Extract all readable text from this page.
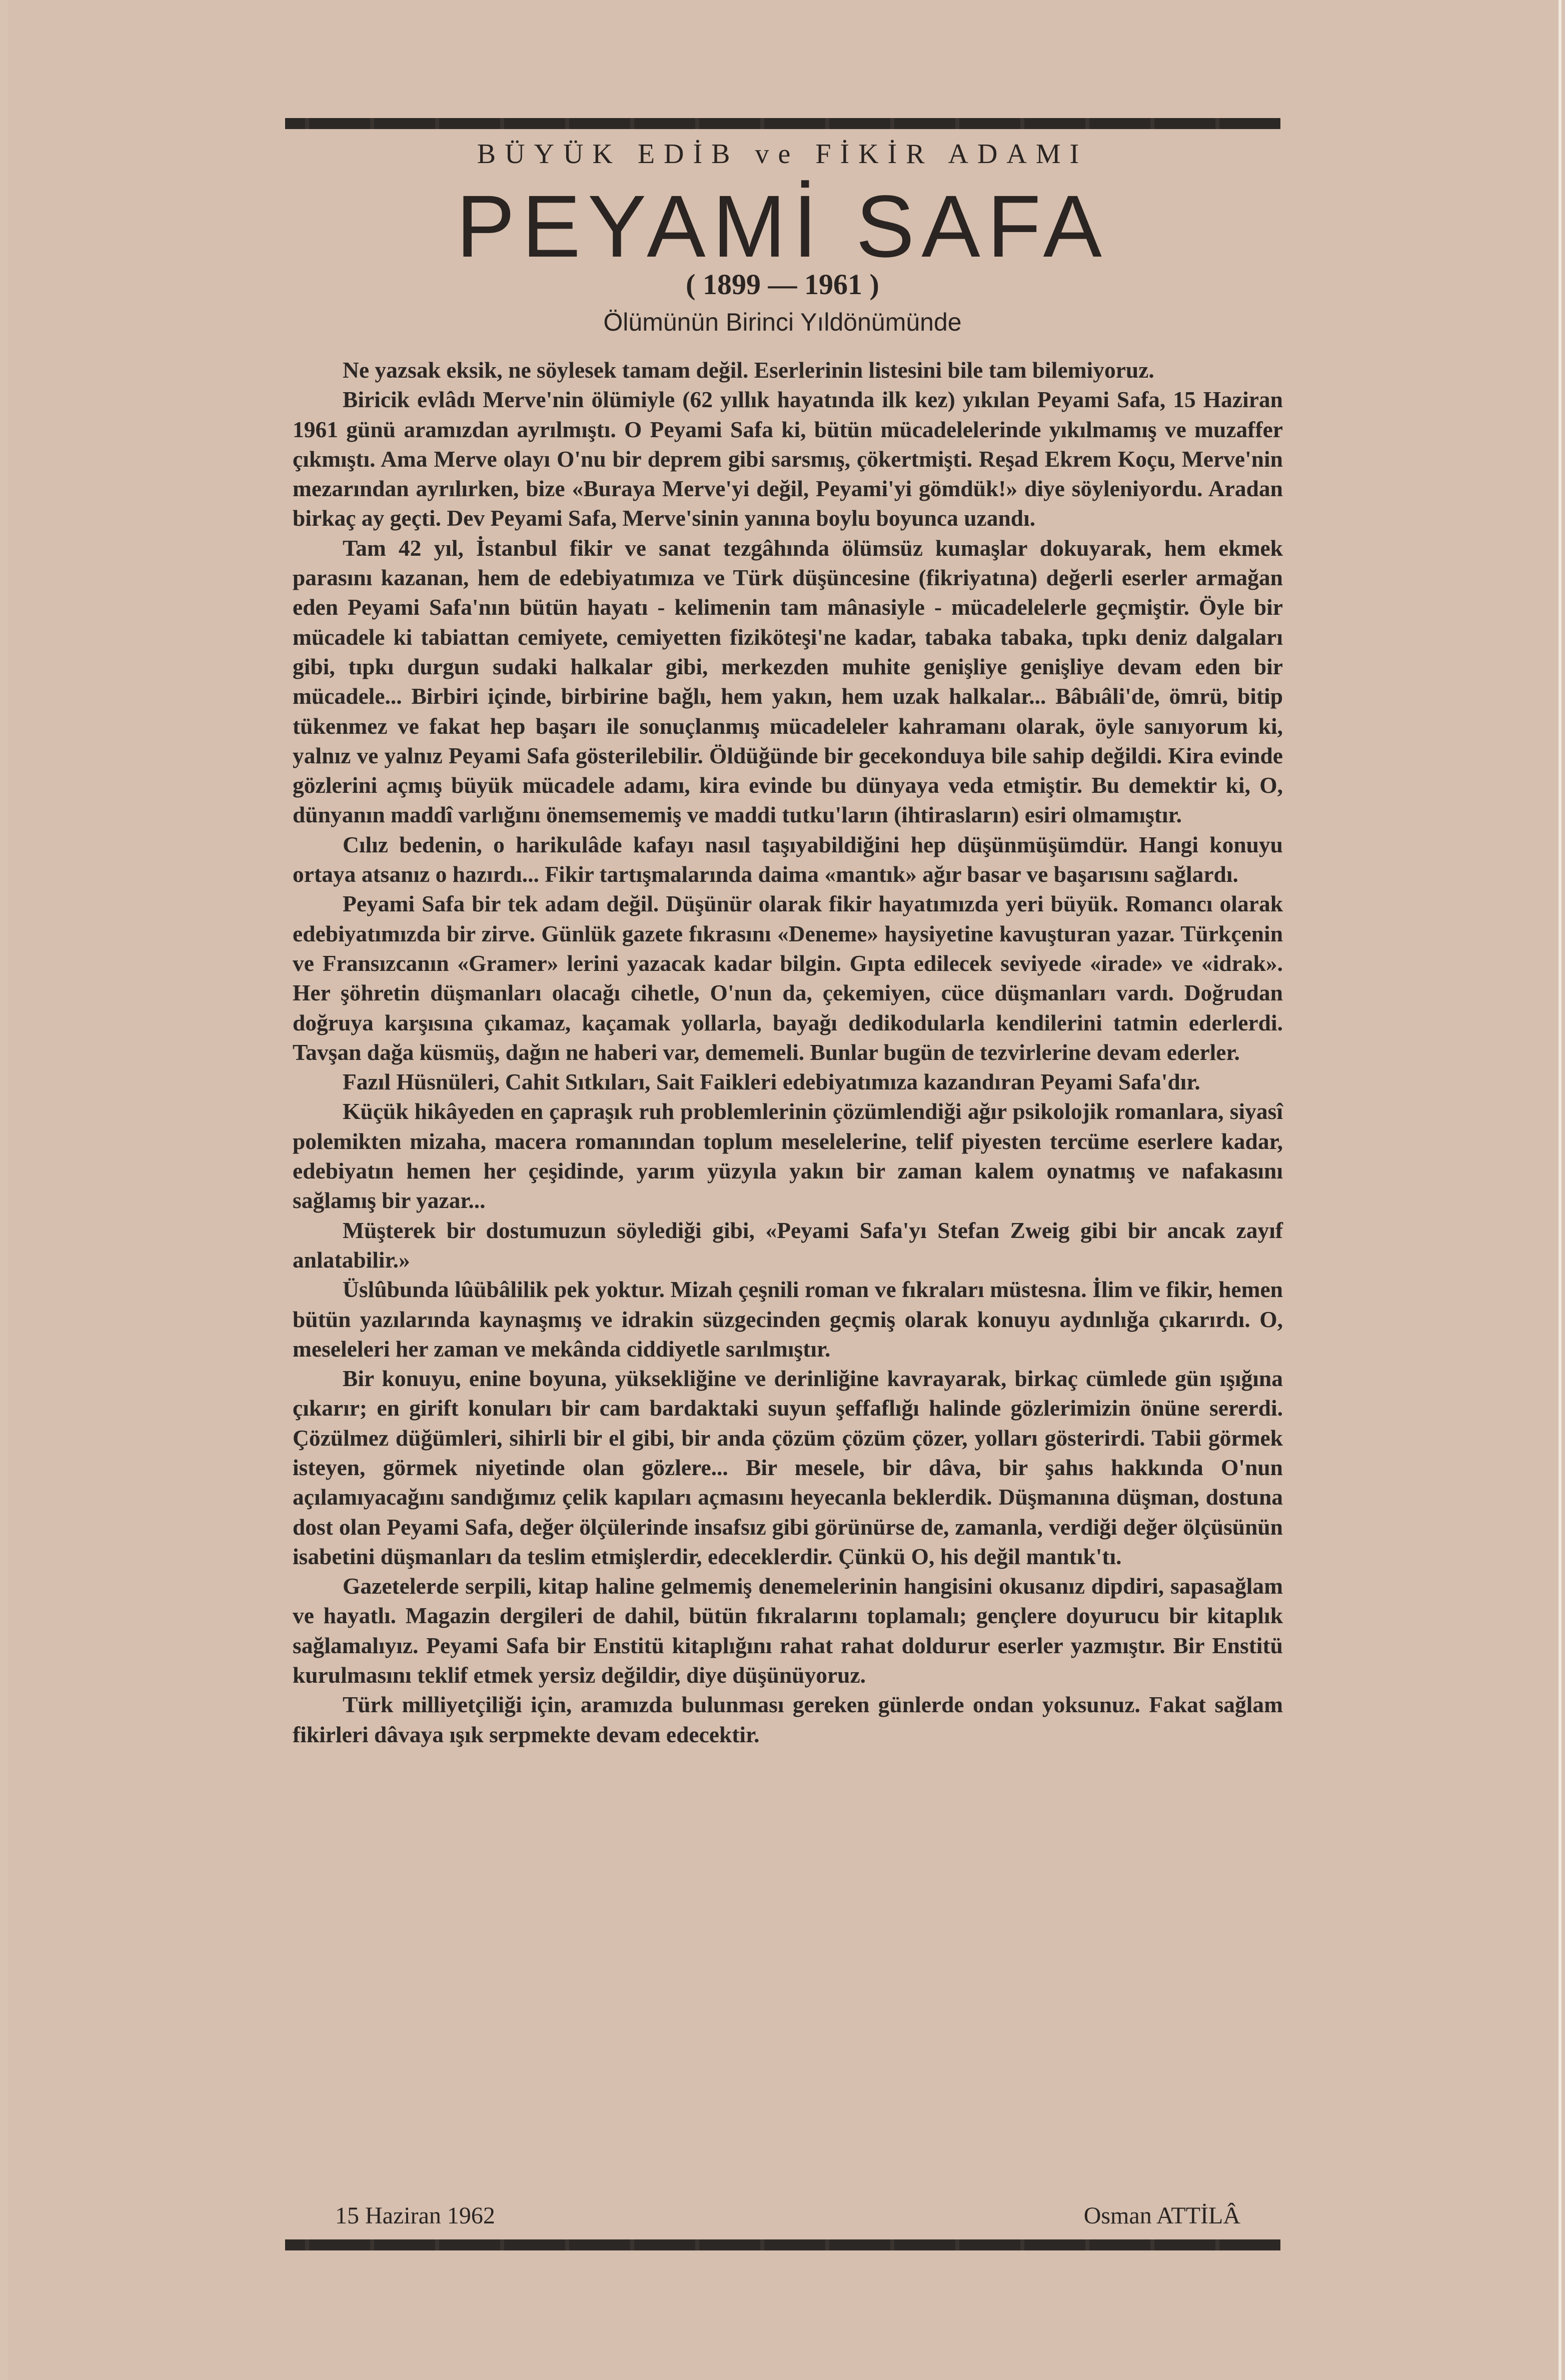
BÜYÜK EDİB ve FİKİR ADAMI
PEYAMİ SAFA
( 1899 — 1961 )
Ölümünün Birinci Yıldönümünde

Ne yazsak eksik, ne söylesek tamam değil. Eserlerinin listesini bile tam bilemiyoruz.

Biricik evlâdı Merve'nin ölümiyle (62 yıllık hayatında ilk kez) yıkılan Peyami Safa, 15 Haziran 1961 günü aramızdan ayrılmıştı. O Peyami Safa ki, bütün mücadelelerinde yıkılmamış ve muzaffer çıkmıştı. Ama Merve olayı O'nu bir deprem gibi sarsmış, çökertmişti. Reşad Ekrem Koçu, Merve'nin mezarından ayrılırken, bize «Buraya Merve'yi değil, Peyami'yi gömdük!» diye söyleniyordu. Aradan birkaç ay geçti. Dev Peyami Safa, Merve'sinin yanına boylu boyunca uzandı.

Tam 42 yıl, İstanbul fikir ve sanat tezgâhında ölümsüz kumaşlar dokuyarak, hem ekmek parasını kazanan, hem de edebiyatımıza ve Türk düşüncesine (fikriyatına) değerli eserler armağan eden Peyami Safa'nın bütün hayatı - kelimenin tam mânasiyle - mücadelelerle geçmiştir. Öyle bir mücadele ki tabiattan cemiyete, cemiyetten fiziköteşi'ne kadar, tabaka tabaka, tıpkı deniz dalgaları gibi, tıpkı durgun sudaki halkalar gibi, merkezden muhite genişliye genişliye devam eden bir mücadele... Birbiri içinde, birbirine bağlı, hem yakın, hem uzak halkalar... Bâbıâli'de, ömrü, bitip tükenmez ve fakat hep başarı ile sonuçlanmış mücadeleler kahramanı olarak, öyle sanıyorum ki, yalnız ve yalnız Peyami Safa gösterilebilir. Öldüğünde bir gecekonduya bile sahip değildi. Kira evinde gözlerini açmış büyük mücadele adamı, kira evinde bu dünyaya veda etmiştir. Bu demektir ki, O, dünyanın maddî varlığını önemsememiş ve maddi tutku'ların (ihtirasların) esiri olmamıştır.

Cılız bedenin, o harikulâde kafayı nasıl taşıyabildiğini hep düşünmüşümdür. Hangi konuyu ortaya atsanız o hazırdı... Fikir tartışmalarında daima «mantık» ağır basar ve başarısını sağlardı.

Peyami Safa bir tek adam değil. Düşünür olarak fikir hayatımızda yeri büyük. Romancı olarak edebiyatımızda bir zirve. Günlük gazete fıkrasını «Deneme» haysiyetine kavuşturan yazar. Türkçenin ve Fransızcanın «Gramer» lerini yazacak kadar bilgin. Gıpta edilecek seviyede «irade» ve «idrak». Her şöhretin düşmanları olacağı cihetle, O'nun da, çekemiyen, cüce düşmanları vardı. Doğrudan doğruya karşısına çıkamaz, kaçamak yollarla, bayağı dedikodularla kendilerini tatmin ederlerdi. Tavşan dağa küsmüş, dağın ne haberi var, dememeli. Bunlar bugün de tezvirlerine devam ederler.

Fazıl Hüsnüleri, Cahit Sıtkıları, Sait Faikleri edebiyatımıza kazandıran Peyami Safa'dır.

Küçük hikâyeden en çapraşık ruh problemlerinin çözümlendiği ağır psikolojik romanlara, siyasî polemikten mizaha, macera romanından toplum meselelerine, telif piyesten tercüme eserlere kadar, edebiyatın hemen her çeşidinde, yarım yüzyıla yakın bir zaman kalem oynatmış ve nafakasını sağlamış bir yazar...

Müşterek bir dostumuzun söylediği gibi, «Peyami Safa'yı Stefan Zweig gibi bir ancak zayıf anlatabilir.»

Üslûbunda lûübâlilik pek yoktur. Mizah çeşnili roman ve fıkraları müstesna. İlim ve fikir, hemen bütün yazılarında kaynaşmış ve idrakin süzgecinden geçmiş olarak konuyu aydınlığa çıkarırdı. O, meseleleri her zaman ve mekânda ciddiyetle sarılmıştır.

Bir konuyu, enine boyuna, yüksekliğine ve derinliğine kavrayarak, birkaç cümlede gün ışığına çıkarır; en girift konuları bir cam bardaktaki suyun şeffaflığı halinde gözlerimizin önüne sererdi. Çözülmez düğümleri, sihirli bir el gibi, bir anda çözüm çözüm çözer, yolları gösterirdi. Tabii görmek isteyen, görmek niyetinde olan gözlere... Bir mesele, bir dâva, bir şahıs hakkında O'nun açılamıyacağını sandığımız çelik kapıları açmasını heyecanla beklerdik. Düşmanına düşman, dostuna dost olan Peyami Safa, değer ölçülerinde insafsız gibi görünürse de, zamanla, verdiği değer ölçüsünün isabetini düşmanları da teslim etmişlerdir, edeceklerdir. Çünkü O, his değil mantık'tı.

Gazetelerde serpili, kitap haline gelmemiş denemelerinin hangisini okusanız dipdiri, sapasağlam ve hayatlı. Magazin dergileri de dahil, bütün fıkralarını toplamalı; gençlere doyurucu bir kitaplık sağlamalıyız. Peyami Safa bir Enstitü kitaplığını rahat rahat doldurur eserler yazmıştır. Bir Enstitü kurulmasını teklif etmek yersiz değildir, diye düşünüyoruz.

Türk milliyetçiliği için, aramızda bulunması gereken günlerde ondan yoksunuz. Fakat sağlam fikirleri dâvaya ışık serpmekte devam edecektir.

15 Haziran 1962	Osman ATTİLÂ
